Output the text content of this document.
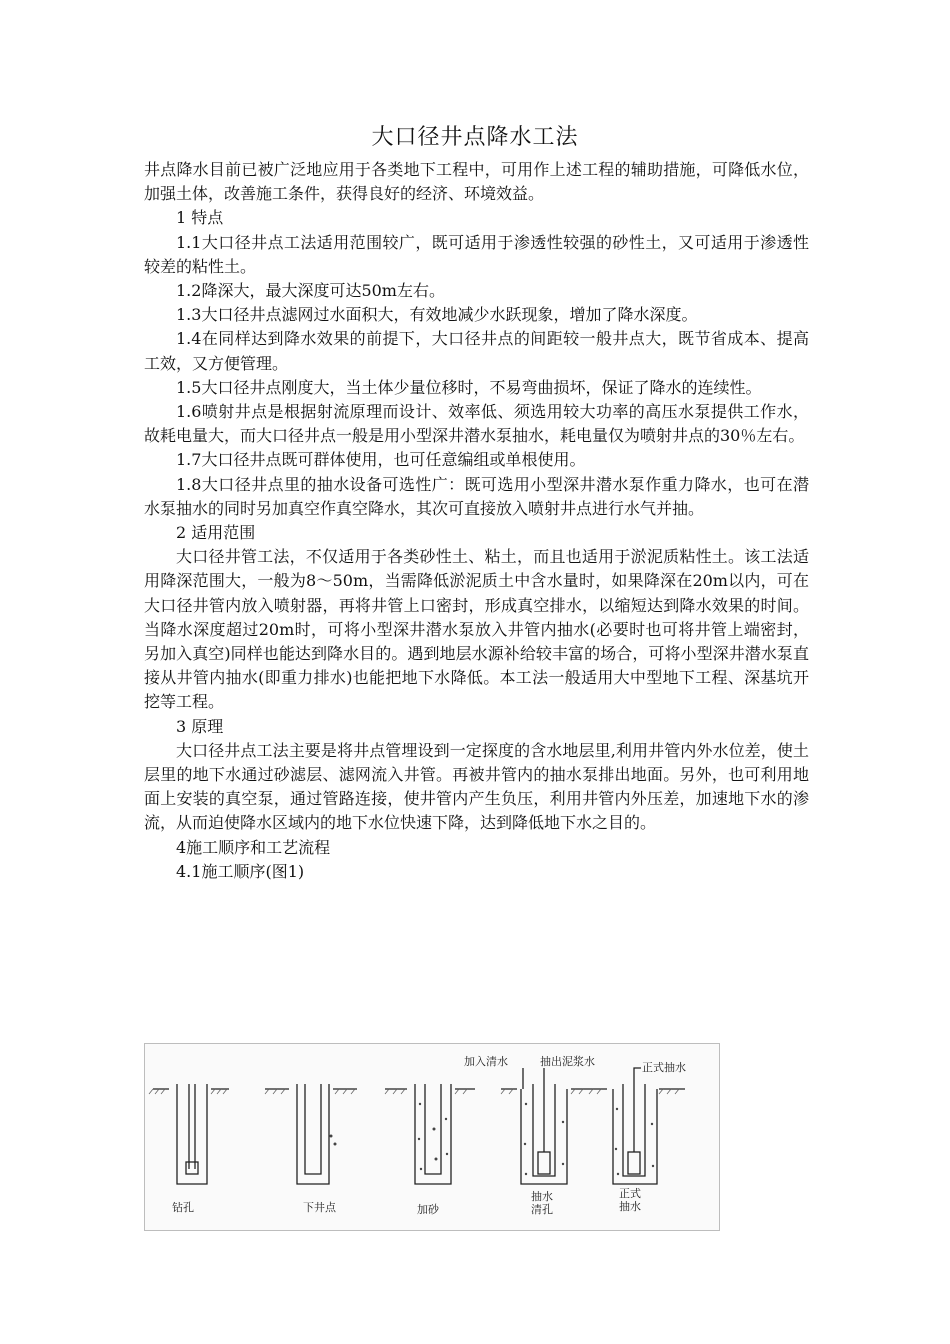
大口径井点降水工法

井点降水目前已被广泛地应用于各类地下工程中，可用作上述工程的辅助措施，可降低水位，加强土体，改善施工条件，获得良好的经济、环境效益。

1 特点

1.1大口径井点工法适用范围较广，既可适用于渗透性较强的砂性土，又可适用于渗透性较差的粘性土。

1.2降深大，最大深度可达50m左右。

1.3大口径井点滤网过水面积大，有效地减少水跃现象，增加了降水深度。

1.4在同样达到降水效果的前提下，大口径井点的间距较一般井点大，既节省成本、提高工效，又方便管理。

1.5大口径井点刚度大，当土体少量位移时，不易弯曲损坏，保证了降水的连续性。

1.6喷射井点是根据射流原理而设计、效率低、须选用较大功率的高压水泵提供工作水，故耗电量大，而大口径井点一般是用小型深井潜水泵抽水，耗电量仅为喷射井点的30％左右。

1.7大口径井点既可群体使用，也可任意编组或单根使用。

1.8大口径井点里的抽水设备可选性广：既可选用小型深井潜水泵作重力降水，也可在潜水泵抽水的同时另加真空作真空降水，其次可直接放入喷射井点进行水气并抽。

2 适用范围

大口径井管工法，不仅适用于各类砂性土、粘土，而且也适用于淤泥质粘性土。该工法适用降深范围大，一般为8～50m，当需降低淤泥质土中含水量时，如果降深在20m以内，可在大口径井管内放入喷射器，再将井管上口密封，形成真空排水，以缩短达到降水效果的时间。当降水深度超过20m时，可将小型深井潜水泵放入井管内抽水(必要时也可将井管上端密封，另加入真空)同样也能达到降水目的。遇到地层水源补给较丰富的场合，可将小型深井潜水泵直接从井管内抽水(即重力排水)也能把地下水降低。本工法一般适用大中型地下工程、深基坑开挖等工程。

3 原理

大口径井点工法主要是将井点管埋设到一定探度的含水地层里,利用井管内外水位差，使土层里的地下水通过砂滤层、滤网流入井管。再被井管内的抽水泵排出地面。另外，也可利用地面上安装的真空泵，通过管路连接，使井管内产生负压，利用井管内外压差，加速地下水的渗流，从而迫使降水区域内的地下水位快速下降，达到降低地下水之目的。

4施工顺序和工艺流程

4.1施工顺序(图1)

加入清水	抽出泥浆水	正式抽水
钻孔	下井点	加砂
抽水
清孔
正式
抽水
